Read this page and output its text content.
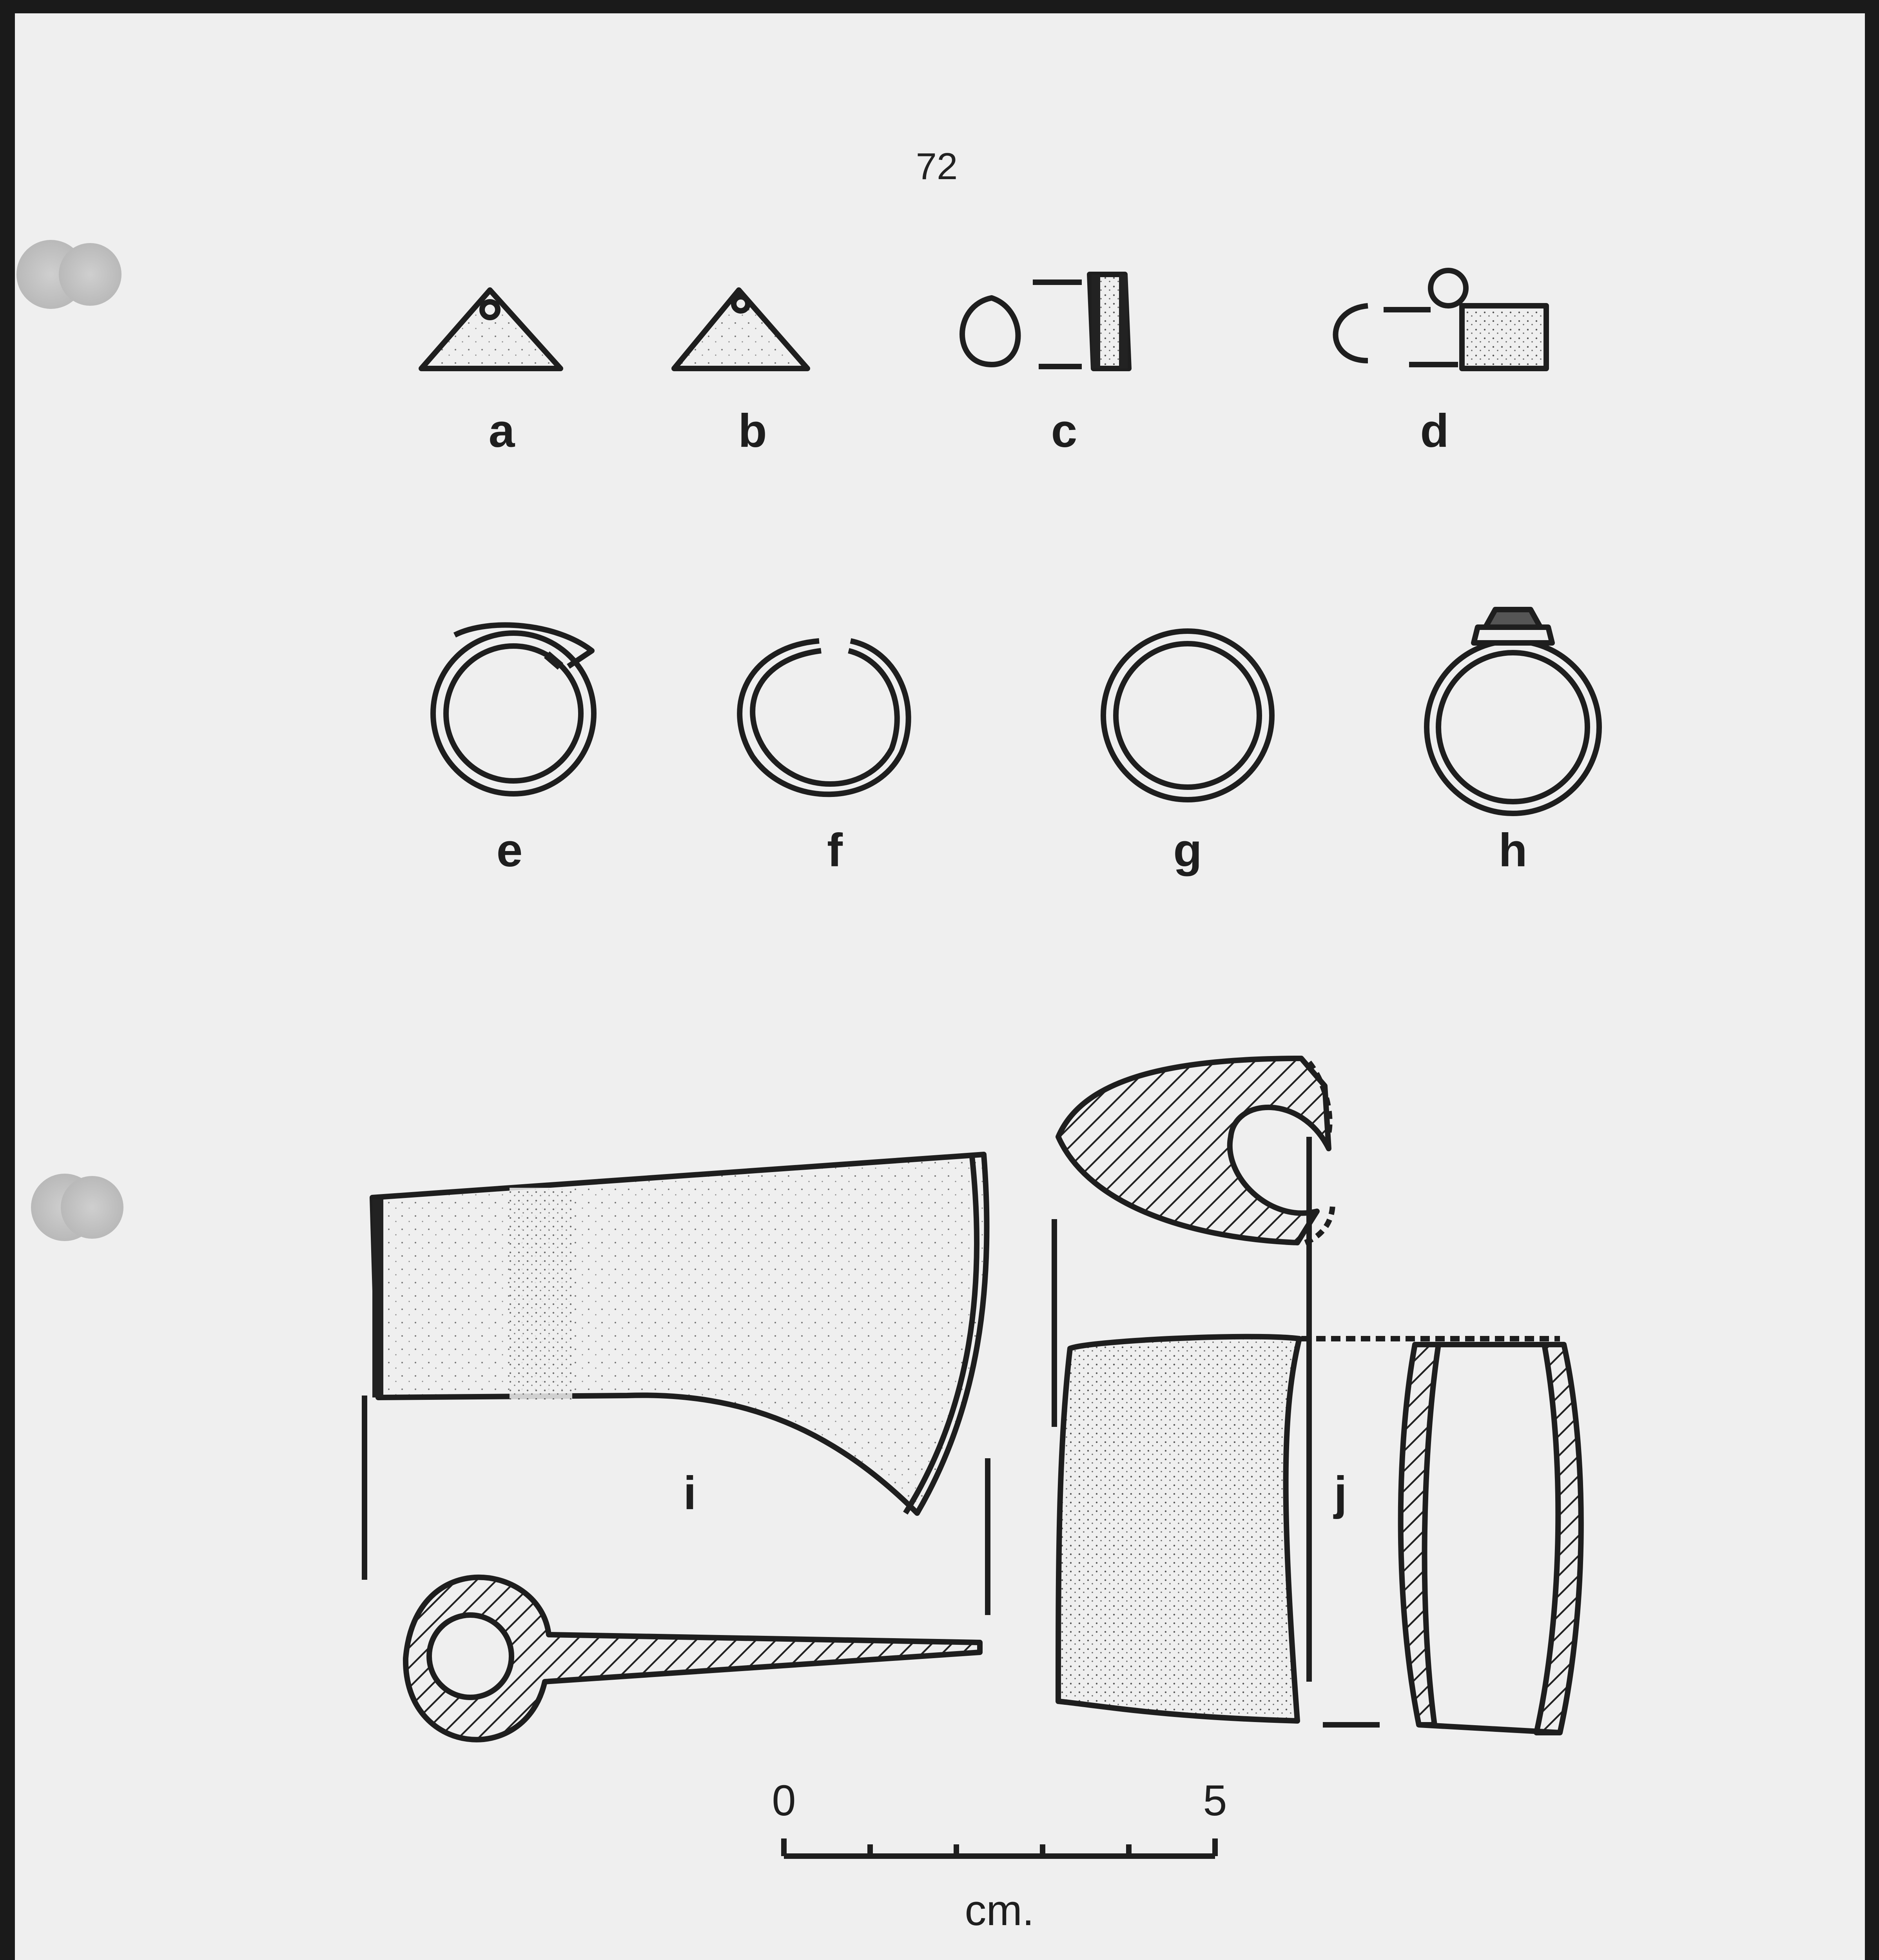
72
a	b	c	d
e	f	g	h
i	j
0	5
cm.
